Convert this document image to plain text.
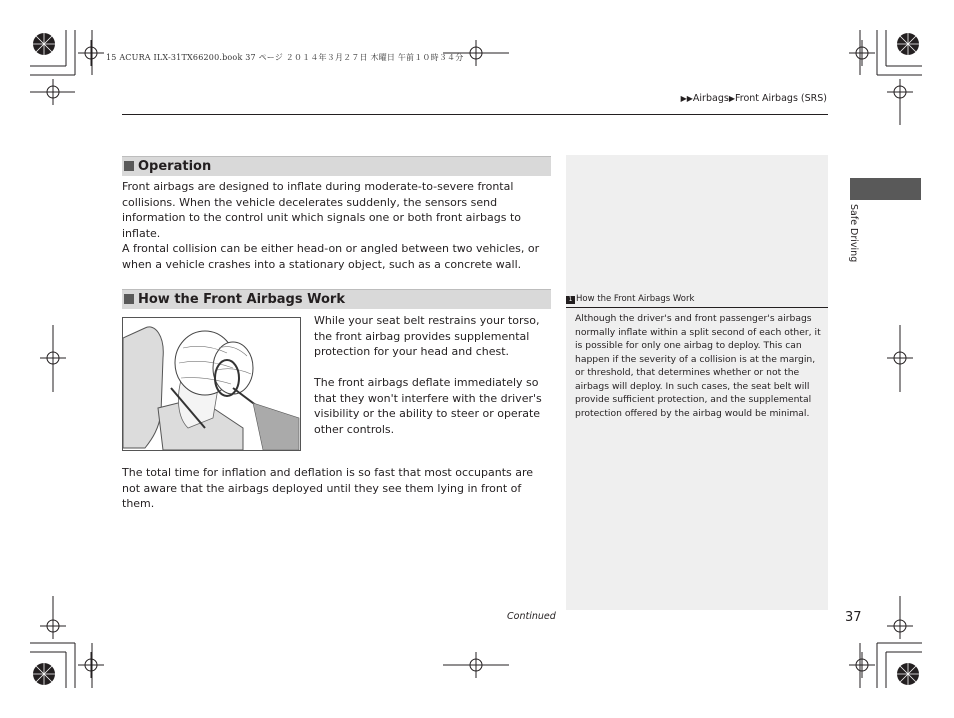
15 ACURA ILX-31TX66200.book 37 ページ ２０１４年３月２７日 木曜日 午前１０時３４分
▶▶Airbags▶Front Airbags (SRS)
Operation
Front airbags are designed to inflate during moderate-to-severe frontal collisions. When the vehicle decelerates suddenly, the sensors send information to the control unit which signals one or both front airbags to inflate.
A frontal collision can be either head-on or angled between two vehicles, or when a vehicle crashes into a stationary object, such as a concrete wall.
How the Front Airbags Work
While your seat belt restrains your torso, the front airbag provides supplemental protection for your head and chest.
The front airbags deflate immediately so that they won't interfere with the driver's visibility or the ability to steer or operate other controls.
The total time for inflation and deflation is so fast that most occupants are not aware that the airbags deployed until they see them lying in front of them.
1 How the Front Airbags Work
Although the driver's and front passenger's airbags normally inflate within a split second of each other, it is possible for only one airbag to deploy. This can happen if the severity of a collision is at the margin, or threshold, that determines whether or not the airbags will deploy. In such cases, the seat belt will provide sufficient protection, and the supplemental protection offered by the airbag would be minimal.
Safe Driving
Continued	37
